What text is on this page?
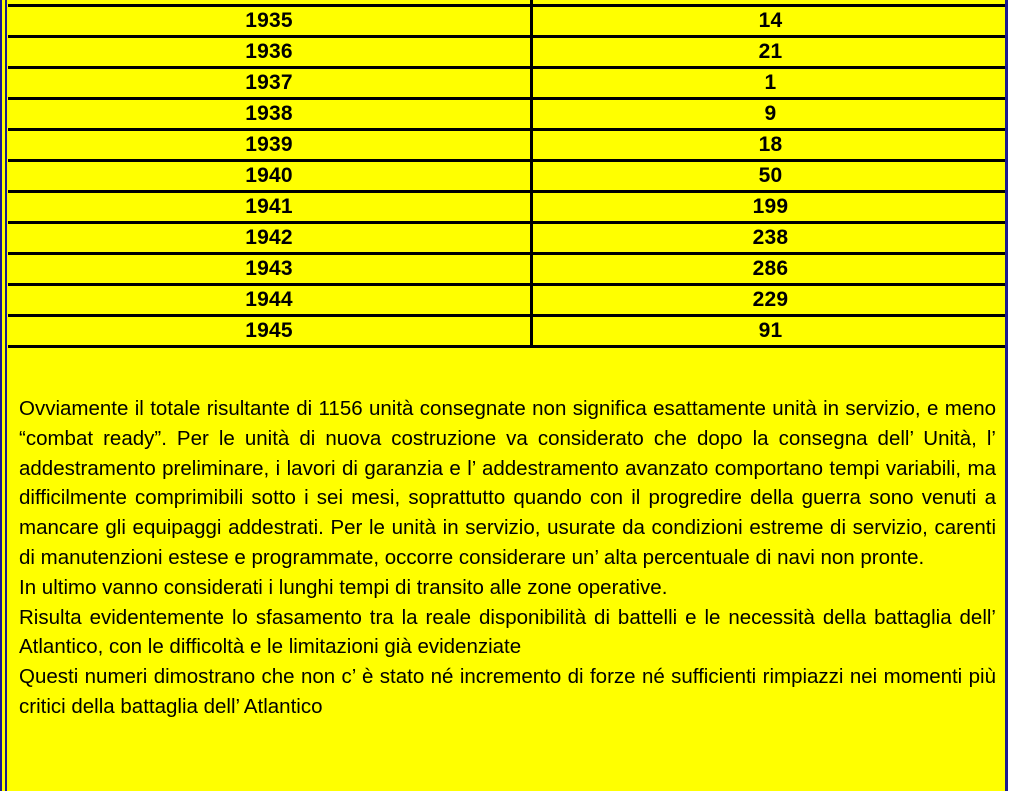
1935	14
1936	21
1937	1
1938	9
1939	18
1940	50
1941	199
1942	238
1943	286
1944	229
1945	91

Ovviamente il totale risultante di 1156 unità consegnate non significa esattamente unità in servizio, e meno “combat ready”. Per le unità di nuova costruzione va considerato che dopo la consegna dell’ Unità, l’ addestramento preliminare, i lavori di garanzia e l’ addestramento avanzato comportano tempi variabili, ma difficilmente comprimibili sotto i sei mesi, soprattutto quando con il progredire della guerra sono venuti a mancare gli equipaggi addestrati. Per le unità in servizio, usurate da condizioni estreme di servizio, carenti di manutenzioni estese e programmate, occorre considerare un’ alta percentuale di navi non pronte.

In ultimo vanno considerati i lunghi tempi di transito alle zone operative.

Risulta evidentemente lo sfasamento tra la reale disponibilità di battelli e le necessità della battaglia dell’ Atlantico, con le difficoltà e le limitazioni già evidenziate

Questi numeri dimostrano che non c’ è stato né incremento di forze né sufficienti rimpiazzi nei momenti più critici della battaglia dell’ Atlantico
